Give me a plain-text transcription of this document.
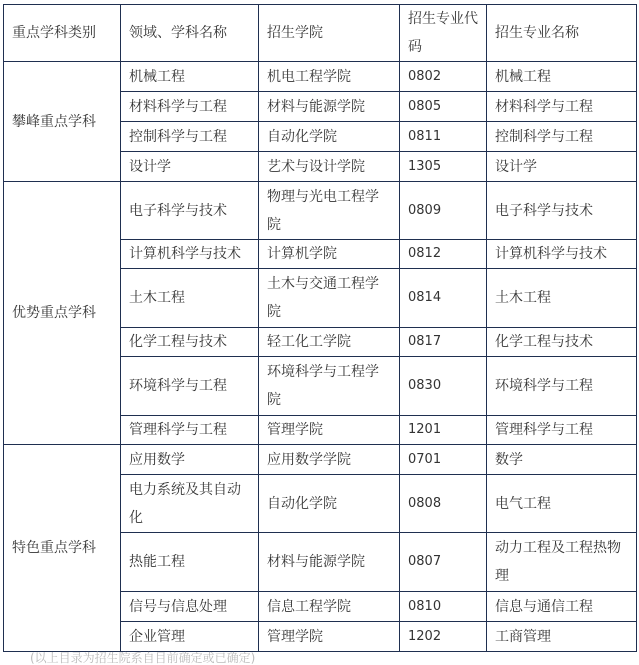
重点学科类别	领域、学科名称	招生学院	招生专业代码	招生专业名称
攀峰重点学科	机械工程	机电工程学院	0802	机械工程
	材料科学与工程	材料与能源学院	0805	材料科学与工程
	控制科学与工程	自动化学院	0811	控制科学与工程
	设计学	艺术与设计学院	1305	设计学
优势重点学科	电子科学与技术	物理与光电工程学院	0809	电子科学与技术
	计算机科学与技术	计算机学院	0812	计算机科学与技术
	土木工程	土木与交通工程学院	0814	土木工程
	化学工程与技术	轻工化工学院	0817	化学工程与技术
	环境科学与工程	环境科学与工程学院	0830	环境科学与工程
	管理科学与工程	管理学院	1201	管理科学与工程
特色重点学科	应用数学	应用数学学院	0701	数学
	电力系统及其自动化	自动化学院	0808	电气工程
	热能工程	材料与能源学院	0807	动力工程及工程热物理
	信号与信息处理	信息工程学院	0810	信息与通信工程
	企业管理	管理学院	1202	工商管理
(以上目录为招生院系自目前确定或已确定)
